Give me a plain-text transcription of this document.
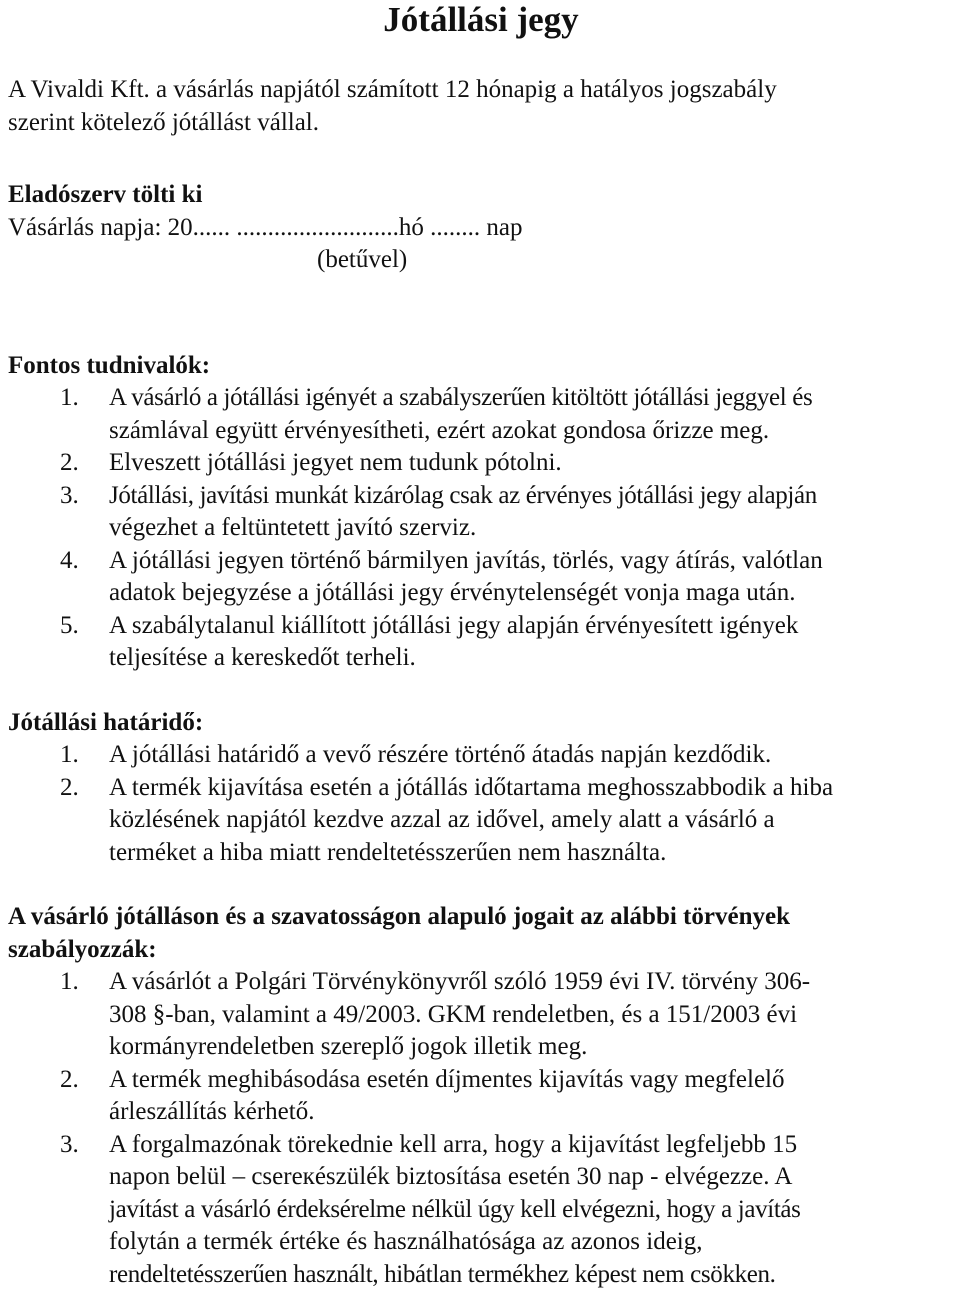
Jótállási jegy
A Vivaldi Kft. a vásárlás napjától számított 12 hónapig a hatályos jogszabály
szerint kötelező jótállást vállal.
Eladószerv tölti ki
Vásárlás napja: 20...... ..........................hó ........ nap
(betűvel)
Fontos tudnivalók:
1.	A vásárló a jótállási igényét a szabályszerűen kitöltött jótállási jeggyel és
számlával együtt érvényesítheti, ezért azokat gondosa őrizze meg.
2.	Elveszett jótállási jegyet nem tudunk pótolni.
3.	Jótállási, javítási munkát kizárólag csak az érvényes jótállási jegy alapján
végezhet a feltüntetett javító szerviz.
4.	A jótállási jegyen történő bármilyen javítás, törlés, vagy átírás, valótlan
adatok bejegyzése a jótállási jegy érvénytelenségét vonja maga után.
5.	A szabálytalanul kiállított jótállási jegy alapján érvényesített igények
teljesítése a kereskedőt terheli.
Jótállási határidő:
1.	A jótállási határidő a vevő részére történő átadás napján kezdődik.
2.	A termék kijavítása esetén a jótállás időtartama meghosszabbodik a hiba
közlésének napjától kezdve azzal az idővel, amely alatt a vásárló a
terméket a hiba miatt rendeltetésszerűen nem használta.
A vásárló jótálláson és a szavatosságon alapuló jogait az alábbi törvények
szabályozzák:
1.	A vásárlót a Polgári Törvénykönyvről szóló 1959 évi IV. törvény 306-
308 §-ban, valamint a 49/2003. GKM rendeletben, és a 151/2003 évi
kormányrendeletben szereplő jogok illetik meg.
2.	A termék meghibásodása esetén díjmentes kijavítás vagy megfelelő
árleszállítás kérhető.
3.	A forgalmazónak törekednie kell arra, hogy a kijavítást legfeljebb 15
napon belül – csereкészülék biztosítása esetén 30 nap - elvégezze. A
javítást a vásárló érdeksérelme nélkül úgy kell elvégezni, hogy a javítás
folytán a termék értéke és használhatósága az azonos ideig,
rendeltetésszerűen használt, hibátlan termékhez képest nem csökken.
